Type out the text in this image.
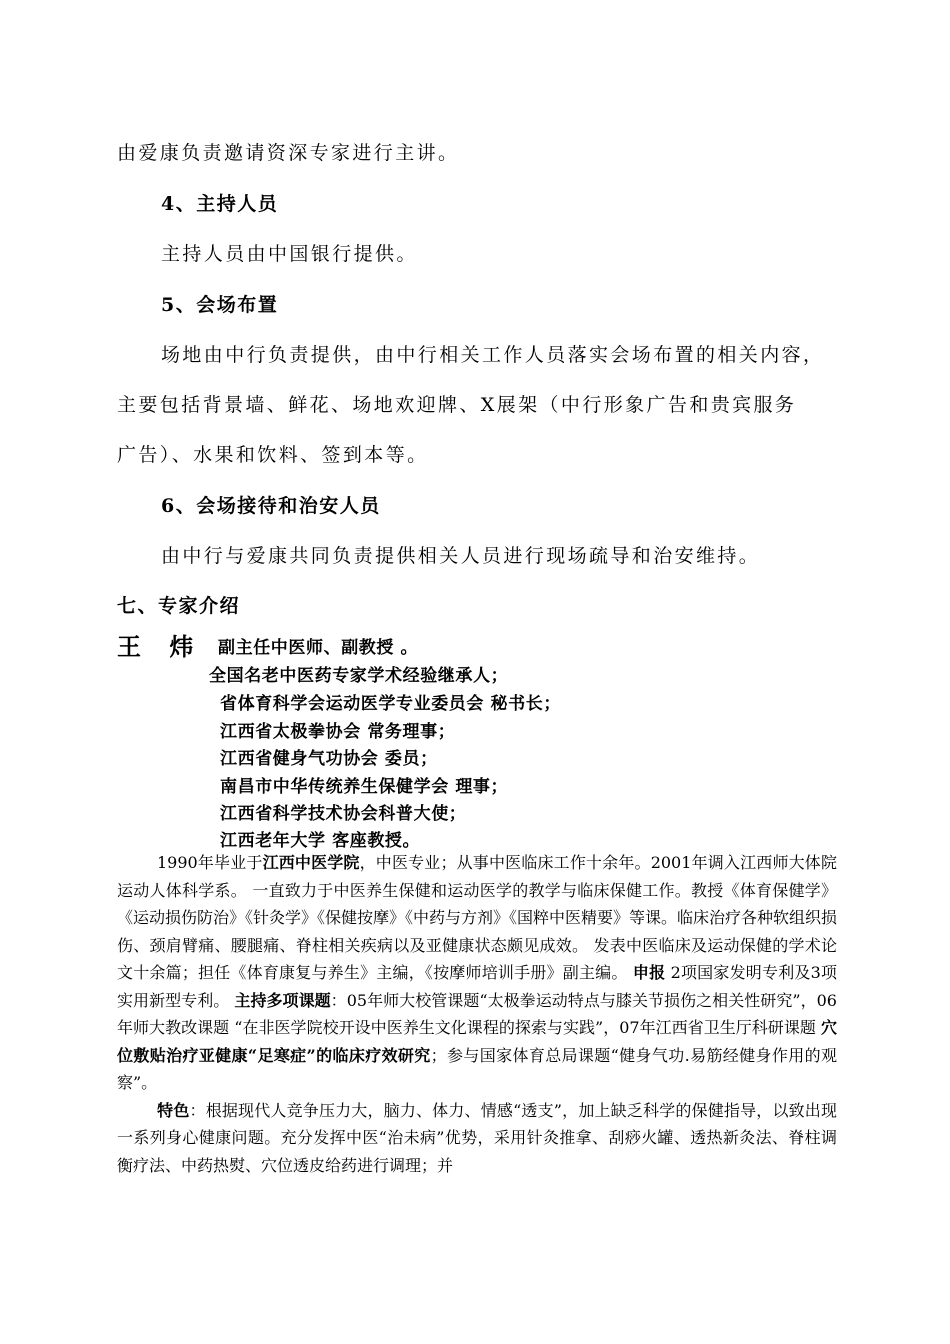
由爱康负责邀请资深专家进行主讲。
4、主持人员
主持人员由中国银行提供。
5、会场布置
场地由中行负责提供，由中行相关工作人员落实会场布置的相关内容，
主要包括背景墙、鲜花、场地欢迎牌、X展架（中行形象广告和贵宾服务
广告）、水果和饮料、签到本等。
6、会场接待和治安人员
由中行与爱康共同负责提供相关人员进行现场疏导和治安维持。
七、专家介绍
王 炜 副主任中医师、副教授 。
全国名老中医药专家学术经验继承人；
省体育科学会运动医学专业委员会 秘书长；
江西省太极拳协会 常务理事；
江西省健身气功协会 委员；
南昌市中华传统养生保健学会 理事；
江西省科学技术协会科普大使；
江西老年大学 客座教授。
1990年毕业于江西中医学院，中医专业；从事中医临床工作十余年。2001年调入江西师大体院 运动人体科学系。 一直致力于中医养生保健和运动医学的教学与临床保健工作。教授《体育保健学》《运动损伤防治》《针灸学》《保健按摩》《中药与方剂》《国粹中医精要》等课。临床治疗各种软组织损伤、颈肩臂痛、腰腿痛、脊柱相关疾病以及亚健康状态颇见成效。 发表中医临床及运动保健的学术论文十余篇；担任《体育康复与养生》主编，《按摩师培训手册》副主编。 申报 2项国家发明专利及3项实用新型专利。 主持多项课题：05年师大校管课题“太极拳运动特点与膝关节损伤之相关性研究”，06年师大教改课题 “在非医学院校开设中医养生文化课程的探索与实践”，07年江西省卫生厅科研课题 穴位敷贴治疗亚健康“足寒症”的临床疗效研究；参与国家体育总局课题“健身气功.易筋经健身作用的观察”。
特色：根据现代人竞争压力大，脑力、体力、情感“透支”，加上缺乏科学的保健指导，以致出现一系列身心健康问题。充分发挥中医“治未病”优势，采用针灸推拿、刮痧火罐、透热新灸法、脊柱调衡疗法、中药热熨、穴位透皮给药进行调理；并
